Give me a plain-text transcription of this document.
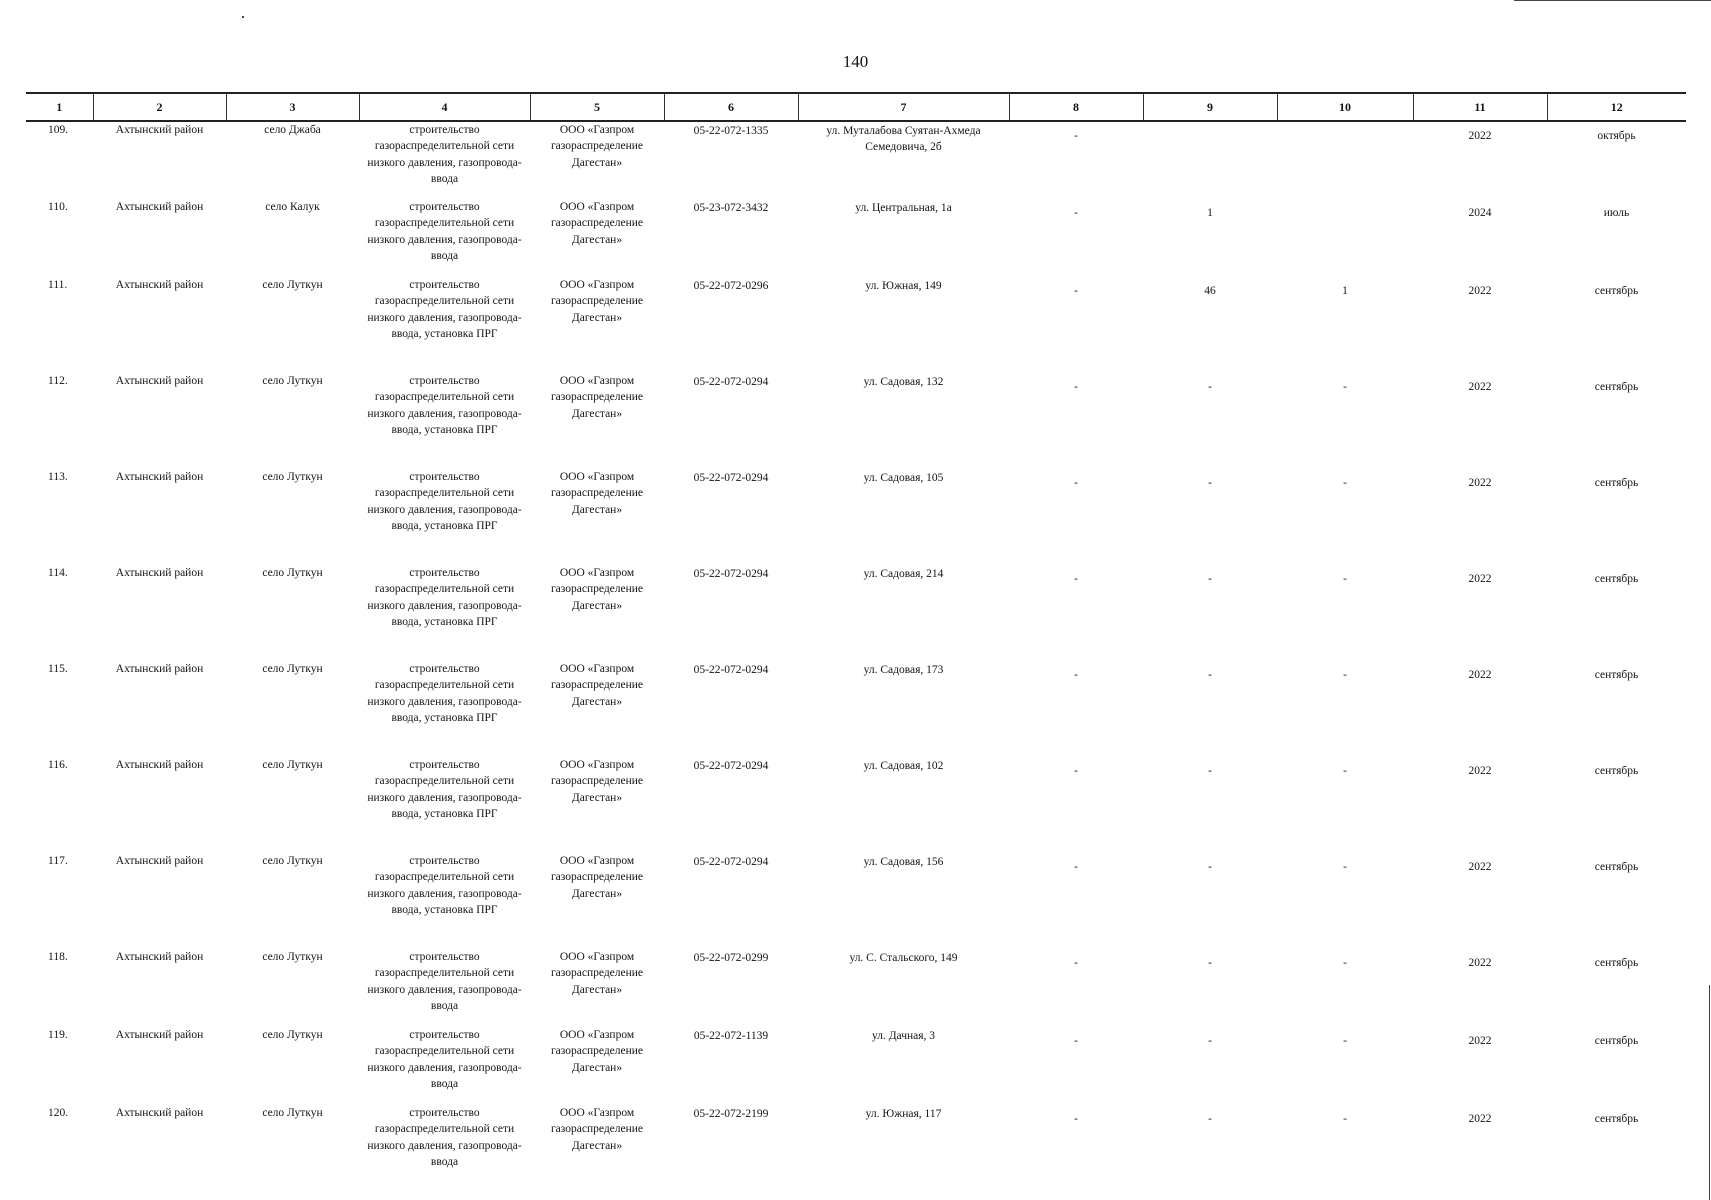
140
1	2	3	4	5	6	7	8	9	10	11	12
109.	Ахтынский район	село Джаба	строительство газораспределительной сети низкого давления, газопровода-ввода	ООО «Газпром газораспределение Дагестан»	05-22-072-1335	ул. Муталабова Суятан-Ахмеда Семедовича, 2б	-			2022	октябрь
110.	Ахтынский район	село Калук	строительство газораспределительной сети низкого давления, газопровода-ввода	ООО «Газпром газораспределение Дагестан»	05-23-072-3432	ул. Центральная, 1а	-	1		2024	июль
111.	Ахтынский район	село Луткун	строительство газораспределительной сети низкого давления, газопровода-ввода, установка ПРГ	ООО «Газпром газораспределение Дагестан»	05-22-072-0296	ул. Южная, 149	-	46	1	2022	сентябрь
112.	Ахтынский район	село Луткун	строительство газораспределительной сети низкого давления, газопровода-ввода, установка ПРГ	ООО «Газпром газораспределение Дагестан»	05-22-072-0294	ул. Садовая, 132	-	-	-	2022	сентябрь
113.	Ахтынский район	село Луткун	строительство газораспределительной сети низкого давления, газопровода-ввода, установка ПРГ	ООО «Газпром газораспределение Дагестан»	05-22-072-0294	ул. Садовая, 105	-	-	-	2022	сентябрь
114.	Ахтынский район	село Луткун	строительство газораспределительной сети низкого давления, газопровода-ввода, установка ПРГ	ООО «Газпром газораспределение Дагестан»	05-22-072-0294	ул. Садовая, 214	-	-	-	2022	сентябрь
115.	Ахтынский район	село Луткун	строительство газораспределительной сети низкого давления, газопровода-ввода, установка ПРГ	ООО «Газпром газораспределение Дагестан»	05-22-072-0294	ул. Садовая, 173	-	-	-	2022	сентябрь
116.	Ахтынский район	село Луткун	строительство газораспределительной сети низкого давления, газопровода-ввода, установка ПРГ	ООО «Газпром газораспределение Дагестан»	05-22-072-0294	ул. Садовая, 102	-	-	-	2022	сентябрь
117.	Ахтынский район	село Луткун	строительство газораспределительной сети низкого давления, газопровода-ввода, установка ПРГ	ООО «Газпром газораспределение Дагестан»	05-22-072-0294	ул. Садовая, 156	-	-	-	2022	сентябрь
118.	Ахтынский район	село Луткун	строительство газораспределительной сети низкого давления, газопровода-ввода	ООО «Газпром газораспределение Дагестан»	05-22-072-0299	ул. С. Стальского, 149	-	-	-	2022	сентябрь
119.	Ахтынский район	село Луткун	строительство газораспределительной сети низкого давления, газопровода-ввода	ООО «Газпром газораспределение Дагестан»	05-22-072-1139	ул. Дачная, 3	-	-	-	2022	сентябрь
120.	Ахтынский район	село Луткун	строительство газораспределительной сети низкого давления, газопровода-ввода	ООО «Газпром газораспределение Дагестан»	05-22-072-2199	ул. Южная, 117	-	-	-	2022	сентябрь
